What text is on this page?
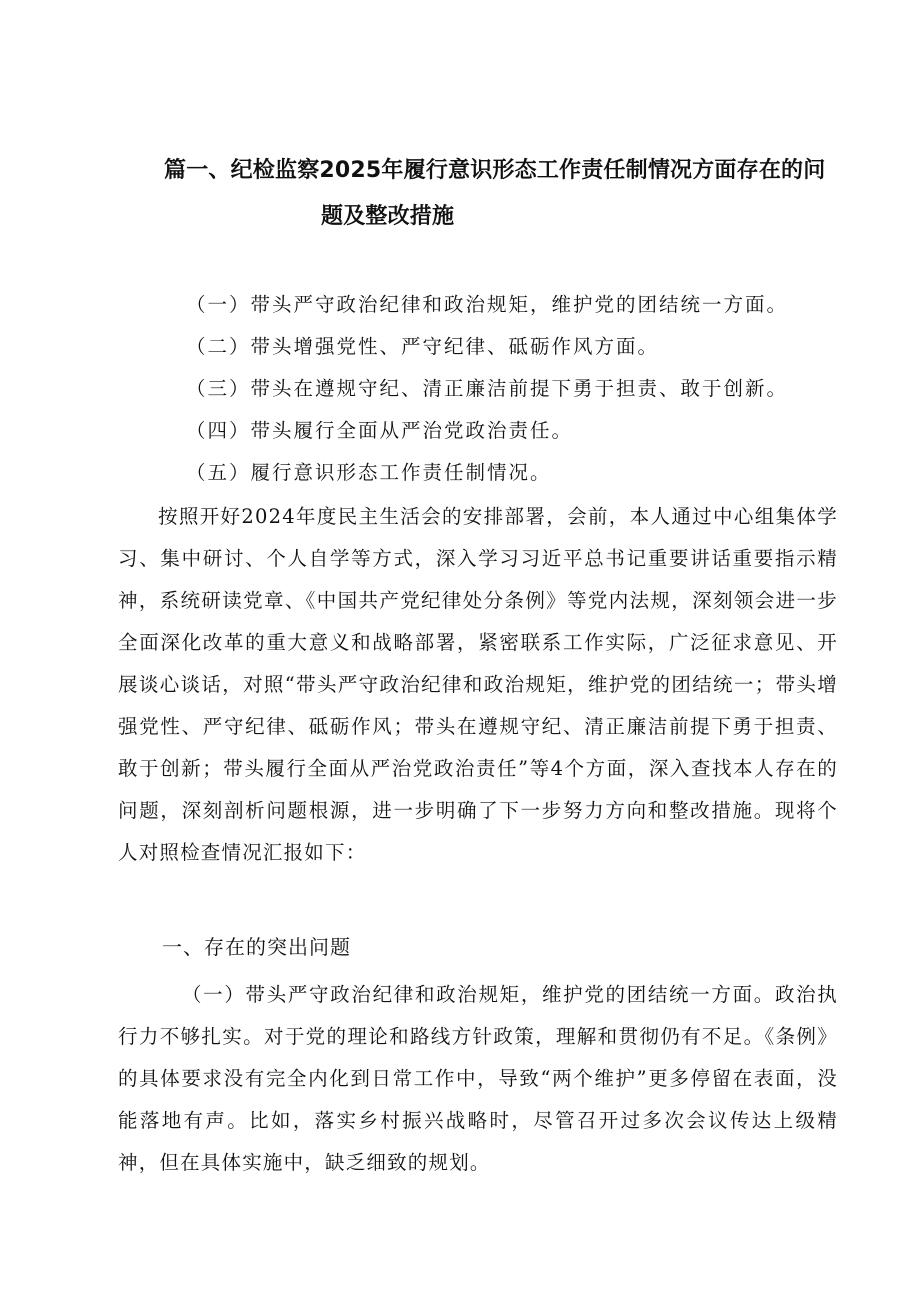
篇一、纪检监察2025年履行意识形态工作责任制情况方面存在的问
题及整改措施
（一）带头严守政治纪律和政治规矩，维护党的团结统一方面。
（二）带头增强党性、严守纪律、砥砺作风方面。
（三）带头在遵规守纪、清正廉洁前提下勇于担责、敢于创新。
（四）带头履行全面从严治党政治责任。
（五）履行意识形态工作责任制情况。
按照开好2024年度民主生活会的安排部署，会前，本人通过中心组集体学习、集中研讨、个人自学等方式，深入学习习近平总书记重要讲话重要指示精神，系统研读党章、《中国共产党纪律处分条例》等党内法规，深刻领会进一步全面深化改革的重大意义和战略部署，紧密联系工作实际，广泛征求意见、开展谈心谈话，对照“带头严守政治纪律和政治规矩，维护党的团结统一；带头增强党性、严守纪律、砥砺作风；带头在遵规守纪、清正廉洁前提下勇于担责、敢于创新；带头履行全面从严治党政治责任”等4个方面，深入查找本人存在的问题，深刻剖析问题根源，进一步明确了下一步努力方向和整改措施。现将个人对照检查情况汇报如下：
一、存在的突出问题
（一）带头严守政治纪律和政治规矩，维护党的团结统一方面。政治执行力不够扎实。对于党的理论和路线方针政策，理解和贯彻仍有不足。《条例》的具体要求没有完全内化到日常工作中，导致“两个维护”更多停留在表面，没能落地有声。比如，落实乡村振兴战略时，尽管召开过多次会议传达上级精神，但在具体实施中，缺乏细致的规划。
